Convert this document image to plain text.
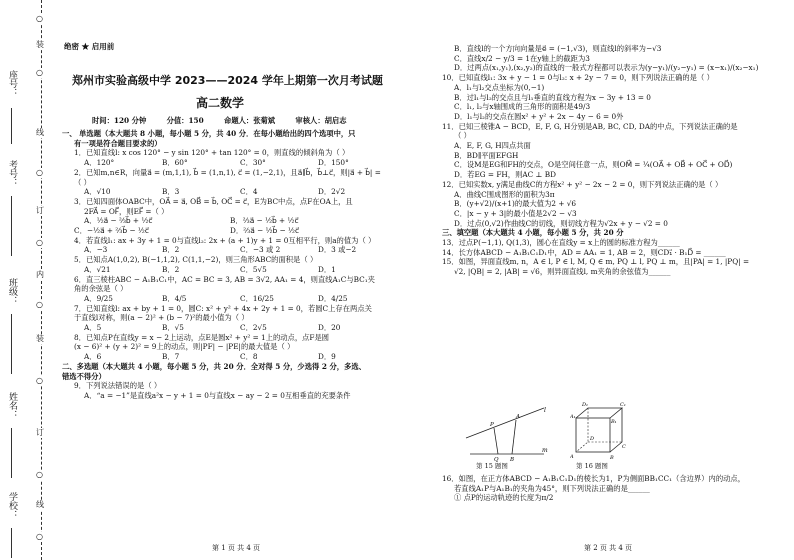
座号：
考号：
班级：
姓名：
学校：
○
装
○
线
○
订
○
内
○
装
○
订
○
线
○
绝密 ★ 启用前
郑州市实验高级中学 2023——2024 学年上期第一次月考试题
高二数学
时间：120 分钟        分值：150        命题人：张菊斌        审核人：胡启志

一、 单选题（本大题共 8 小题，每小题 5 分，共 40 分．在每小题给出的四个选项中，只

有一项是符合题目要求的）

1．已知直线l: x cos 120° − y sin 120° + tan 120° = 0，则直线的倾斜角为（ ）

A．120°	B．60°	C．30°	D．150°

2．已知m,n∈R，向量a⃗ = (m,1,1), b⃗ = (1,n,1), c⃗ = (1,−2,1)，且a⃗∥b⃗，b⃗⊥c⃗，则|a⃗ + b⃗| =

（ ）

A．√10	B．3	C．4	D．2√2

3．已知四面体OABC中，OA⃗ = a⃗, OB⃗ = b⃗, OC⃗ = c⃗，E为BC中点，点F在OA上，且

2FA⃗ = OF⃗，则EF⃗ =（ ）

A．½a⃗ − ⅔b⃗ + ½c⃗	B．⅔a⃗ − ½b⃗ + ½c⃗

C．−½a⃗ + ⅔b⃗ − ½c⃗	D．⅔a⃗ − ½b⃗ − ½c⃗

4．若直线l₁: ax + 3y + 1 = 0与直线l₂: 2x + (a + 1)y + 1 = 0互相平行，则a的值为（ ）

A．−3	B．2	C．−3 或 2	D．3 或−2

5．已知点A(1,0,2), B(−1,1,2), C(1,1,−2)，则三角形ABC的面积是（ ）

A．√21	B．2	C．5√5	D．1

6．直三棱柱ABC − A₁B₁C₁中，AC = BC = 3, AB = 3√2, AA₁ = 4，则直线A₁C与BC₁夹

角的余弦是（ ）

A．9/25	B．4/5	C．16/25	D．4/25

7．已知直线l: ax + by + 1 = 0，圆C: x² + y² + 4x + 2y + 1 = 0，若圆C上存在两点关

于直线l对称，则(a − 2)² + (b − 7)²的最小值为（ ）

A．5	B．√5	C．2√5	D．20

8．已知点P在直线y = x − 2上运动，点E是圆x² + y² = 1上的动点，点F是圆

(x − 6)² + (y + 2)² = 9上的动点，则|PF| − |PE|的最大值是（ ）

A．6	B．7	C．8	D．9

二、多选题（本大题共 4 小题，每小题 5 分，共 20 分．全对得 5 分，少选得 2 分，多选、

错选不得分）

9．下列说法错误的是（ ）

A．“a = −1”是直线a²x − y + 1 = 0与直线x − ay − 2 = 0互相垂直的充要条件

第 1 页 共 4 页

B．直线l的一个方向向量是e⃗ = (−1,√3)，则直线l的斜率为−√3

C．直线x/2 − y/3 = 1在y轴上的截距为3

D．过两点(x₁,y₁),(x₂,y₂)的直线的一般式方程都可以表示为(y−y₁)/(y₂−y₁) = (x−x₁)/(x₂−x₁)

10．已知直线l₁: 3x + y − 1 = 0与l₂: x + 2y − 7 = 0，则下列说法正确的是（ ）

A．l₁与l₂交点坐标为(0,−1)

B．过l₁与l₂的交点且与l₁垂直的直线方程为x − 3y + 13 = 0

C．l₁, l₂与x轴围成的三角形的面积是49/3

D．l₁与l₂的交点在圆x² + y² + 2x − 4y − 6 = 0外

11．已知三棱锥A − BCD，E, F, G, H分别是AB, BC, CD, DA的中点，下列说法正确的是

（ ）

A．E, F, G, H四点共面

B．BD∥平面EFGH

C．设M是EG和FH的交点，O是空间任意一点，则OM⃗ = ¼(OA⃗ + OB⃗ + OC⃗ + OD⃗)

D．若EG = FH，则AC ⊥ BD

12．已知实数x, y满足曲线C的方程x² + y² − 2x − 2 = 0，则下列说法正确的是（ ）

A．曲线C围成图形的面积为3π

B．(y+√2)/(x+1)的最大值为2 + √6

C．|x − y + 3|的最小值是2√2 − √3

D．过点(0,√2)作曲线C的切线，则切线方程为√2x + y − √2 = 0

三、填空题（本大题共 4 小题，每小题 5 分，共 20 分

13．过点P(−1,1), Q(1,3)，圆心在直线y = x上的圆的标准方程为______

14．长方体ABCD − A₁B₁C₁D₁中，AD = AA₁ = 1, AB = 2，则CD₁⃗ · B₁D⃗ = ______

15．如图，异面直线m, n，A ∈ l, P ∈ l, M, Q ∈ m, PQ ⊥ l, PQ ⊥ m，且|PA| = 1, |PQ| =

√2, |QB| = 2, |AB| = √6，则异面直线l, m夹角的余弦值为______

l
m
P
A
Q B
第 15 题图
A₁
B₁
C₁
D₁
A	B
C
D
第 16 题图

16．如图，在正方体ABCD − A₁B₁C₁D₁的棱长为1，P为侧面BB₁CC₁（含边界）内的动点，

若直线A₁P与A₁B₁的夹角为45°，则下列说法正确的是______

① 点P的运动轨迹的长度为π/2

第 2 页 共 4 页
